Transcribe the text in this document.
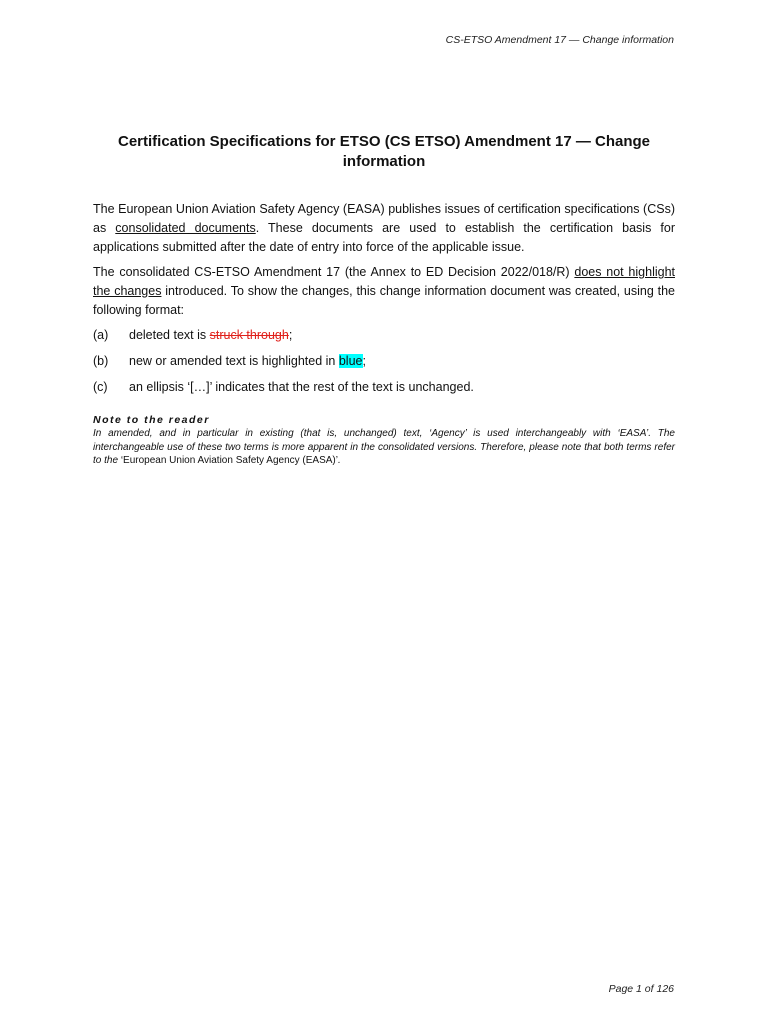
CS-ETSO Amendment 17 — Change information
Certification Specifications for ETSO (CS ETSO) Amendment 17 — Change information

The European Union Aviation Safety Agency (EASA) publishes issues of certification specifications (CSs) as consolidated documents. These documents are used to establish the certification basis for applications submitted after the date of entry into force of the applicable issue.

The consolidated CS-ETSO Amendment 17 (the Annex to ED Decision 2022/018/R) does not highlight the changes introduced. To show the changes, this change information document was created, using the following format:

(a)	deleted text is struck through;
(b)	new or amended text is highlighted in blue;
(c)	an ellipsis ‘[…]’ indicates that the rest of the text is unchanged.
Note to the reader
In amended, and in particular in existing (that is, unchanged) text, ‘Agency’ is used interchangeably with ‘EASA’. The interchangeable use of these two terms is more apparent in the consolidated versions. Therefore, please note that both terms refer to the ‘European Union Aviation Safety Agency (EASA)’.
Page 1 of 126
